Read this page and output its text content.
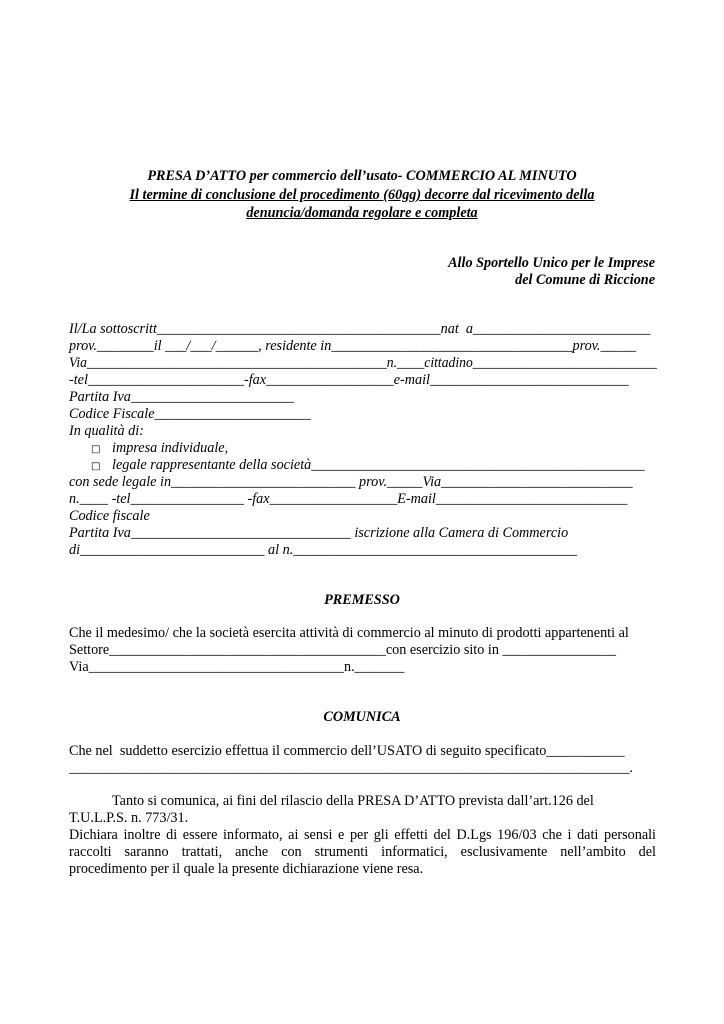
PRESA D’ATTO per commercio dell’usato- COMMERCIO AL MINUTO
Il termine di conclusione del procedimento (60gg) decorre dal ricevimento della
denuncia/domanda regolare e completa
Allo Sportello Unico per le Imprese
del Comune di Riccione
Il/La sottoscritt________________________________________nat  a_________________________
prov.________il ___/___/______, residente in__________________________________prov._____
Via____________________________________________n.____cittadino___________________________
-tel______________________-fax__________________e-mail____________________________
Partita Iva_______________________
Codice Fiscale______________________
In qualità di:
□ impresa individuale,
□ legale rappresentante della società_______________________________________________
con sede legale in__________________________ prov._____Via___________________________
n.____ -tel________________ -fax__________________E-mail___________________________
Codice fiscale
Partita Iva_______________________________ iscrizione alla Camera di Commercio
di__________________________ al n.________________________________________
PREMESSO
Che il medesimo/ che la società esercita attività di commercio al minuto di prodotti appartenenti al
Settore_______________________________________con esercizio sito in ________________
Via____________________________________n._______
COMUNICA
Che nel  suddetto esercizio effettua il commercio dell’USATO di seguito specificato___________
_______________________________________________________________________________.
Tanto si comunica, ai fini del rilascio della PRESA D’ATTO prevista dall’art.126 del
T.U.L.P.S. n. 773/31.
Dichiara inoltre di essere informato, ai sensi e per gli effetti del D.Lgs 196/03 che i dati personali
raccolti saranno trattati, anche con strumenti informatici, esclusivamente nell’ambito del
procedimento per il quale la presente dichiarazione viene resa.
